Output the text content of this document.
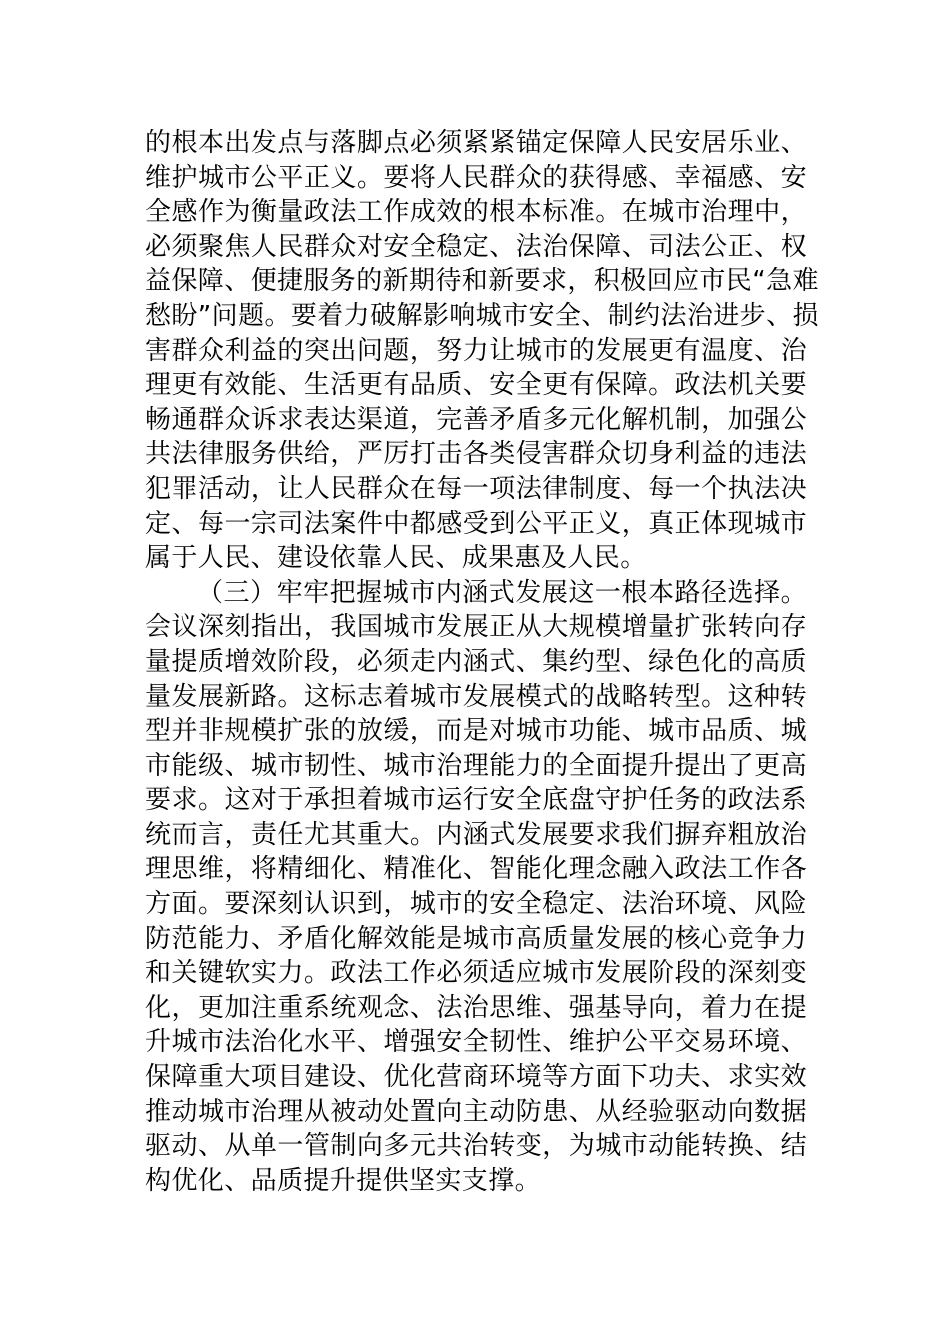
的根本出发点与落脚点必须紧紧锚定保障人民安居乐业、
维护城市公平正义。要将人民群众的获得感、幸福感、安
全感作为衡量政法工作成效的根本标准。在城市治理中，
必须聚焦人民群众对安全稳定、法治保障、司法公正、权
益保障、便捷服务的新期待和新要求，积极回应市民“急难
愁盼”问题。要着力破解影响城市安全、制约法治进步、损
害群众利益的突出问题，努力让城市的发展更有温度、治
理更有效能、生活更有品质、安全更有保障。政法机关要
畅通群众诉求表达渠道，完善矛盾多元化解机制，加强公
共法律服务供给，严厉打击各类侵害群众切身利益的违法
犯罪活动，让人民群众在每一项法律制度、每一个执法决
定、每一宗司法案件中都感受到公平正义，真正体现城市
属于人民、建设依靠人民、成果惠及人民。
（三）牢牢把握城市内涵式发展这一根本路径选择。
会议深刻指出，我国城市发展正从大规模增量扩张转向存
量提质增效阶段，必须走内涵式、集约型、绿色化的高质
量发展新路。这标志着城市发展模式的战略转型。这种转
型并非规模扩张的放缓，而是对城市功能、城市品质、城
市能级、城市韧性、城市治理能力的全面提升提出了更高
要求。这对于承担着城市运行安全底盘守护任务的政法系
统而言，责任尤其重大。内涵式发展要求我们摒弃粗放治
理思维，将精细化、精准化、智能化理念融入政法工作各
方面。要深刻认识到，城市的安全稳定、法治环境、风险
防范能力、矛盾化解效能是城市高质量发展的核心竞争力
和关键软实力。政法工作必须适应城市发展阶段的深刻变
化，更加注重系统观念、法治思维、强基导向，着力在提
升城市法治化水平、增强安全韧性、维护公平交易环境、
保障重大项目建设、优化营商环境等方面下功夫、求实效
推动城市治理从被动处置向主动防患、从经验驱动向数据
驱动、从单一管制向多元共治转变，为城市动能转换、结
构优化、品质提升提供坚实支撑。
